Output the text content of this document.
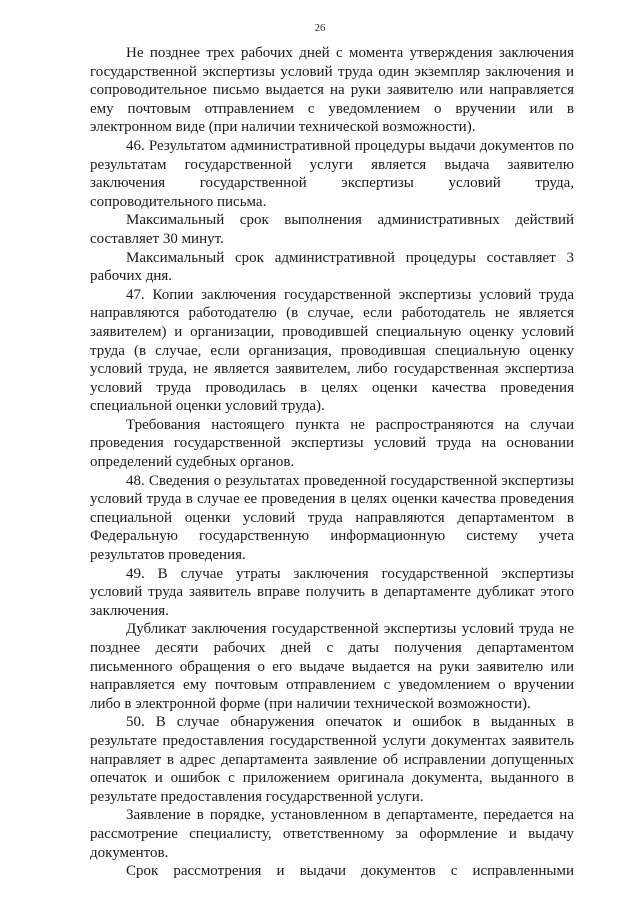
26

Не позднее трех рабочих дней с момента утверждения заключения государственной экспертизы условий труда один экземпляр заключения и сопроводительное письмо выдается на руки заявителю или направляется ему почтовым отправлением с уведомлением о вручении или в электронном виде (при наличии технической возможности).

46. Результатом административной процедуры выдачи документов по результатам государственной услуги является выдача заявителю заключения государственной экспертизы условий труда, сопроводительного письма.

Максимальный срок выполнения административных действий составляет 30 минут.

Максимальный срок административной процедуры составляет 3 рабочих дня.

47. Копии заключения государственной экспертизы условий труда направляются работодателю (в случае, если работодатель не является заявителем) и организации, проводившей специальную оценку условий труда (в случае, если организация, проводившая специальную оценку условий труда, не является заявителем, либо государственная экспертиза условий труда проводилась в целях оценки качества проведения специальной оценки условий труда).

Требования настоящего пункта не распространяются на случаи проведения государственной экспертизы условий труда на основании определений судебных органов.

48. Сведения о результатах проведенной государственной экспертизы условий труда в случае ее проведения в целях оценки качества проведения специальной оценки условий труда направляются департаментом в Федеральную государственную информационную систему учета результатов проведения.

49. В случае утраты заключения государственной экспертизы условий труда заявитель вправе получить в департаменте дубликат этого заключения.

Дубликат заключения государственной экспертизы условий труда не позднее десяти рабочих дней с даты получения департаментом письменного обращения о его выдаче выдается на руки заявителю или направляется ему почтовым отправлением с уведомлением о вручении либо в электронной форме (при наличии технической возможности).

50. В случае обнаружения опечаток и ошибок в выданных в результате предоставления государственной услуги документах заявитель направляет в адрес департамента заявление об исправлении допущенных опечаток и ошибок с приложением оригинала документа, выданного в результате предоставления государственной услуги.

Заявление в порядке, установленном в департаменте, передается на рассмотрение специалисту, ответственному за оформление и выдачу документов.

Срок рассмотрения и выдачи документов с исправленными
